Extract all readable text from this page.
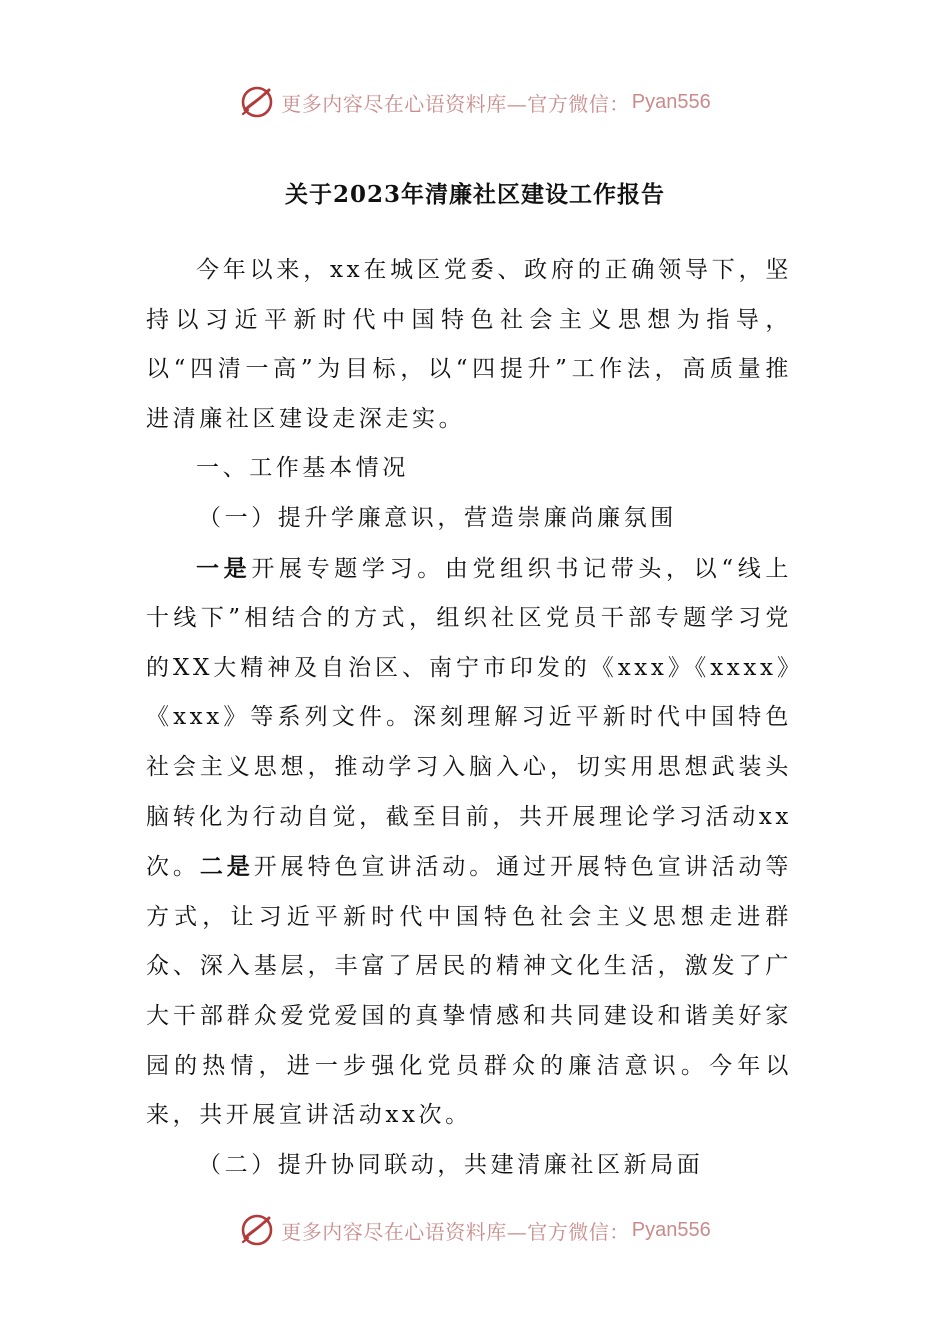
更多内容尽在心语资料库—官方微信： Pyan556
关于2023年清廉社区建设工作报告

今年以来，xx在城区党委、政府的正确领导下，坚持以习近平新时代中国特色社会主义思想为指导，以“四清一高”为目标，以“四提升”工作法，高质量推进清廉社区建设走深走实。

一、工作基本情况

（一）提升学廉意识，营造崇廉尚廉氛围

一是开展专题学习。由党组织书记带头，以“线上十线下”相结合的方式，组织社区党员干部专题学习党的XX大精神及自治区、南宁市印发的《xxx》《xxxx》《xxx》等系列文件。深刻理解习近平新时代中国特色社会主义思想，推动学习入脑入心，切实用思想武装头脑转化为行动自觉，截至目前，共开展理论学习活动xx次。二是开展特色宣讲活动。通过开展特色宣讲活动等方式，让习近平新时代中国特色社会主义思想走进群众、深入基层，丰富了居民的精神文化生活，激发了广大干部群众爱党爱国的真挚情感和共同建设和谐美好家园的热情，进一步强化党员群众的廉洁意识。今年以来，共开展宣讲活动xx次。

（二）提升协同联动，共建清廉社区新局面

更多内容尽在心语资料库—官方微信： Pyan556
